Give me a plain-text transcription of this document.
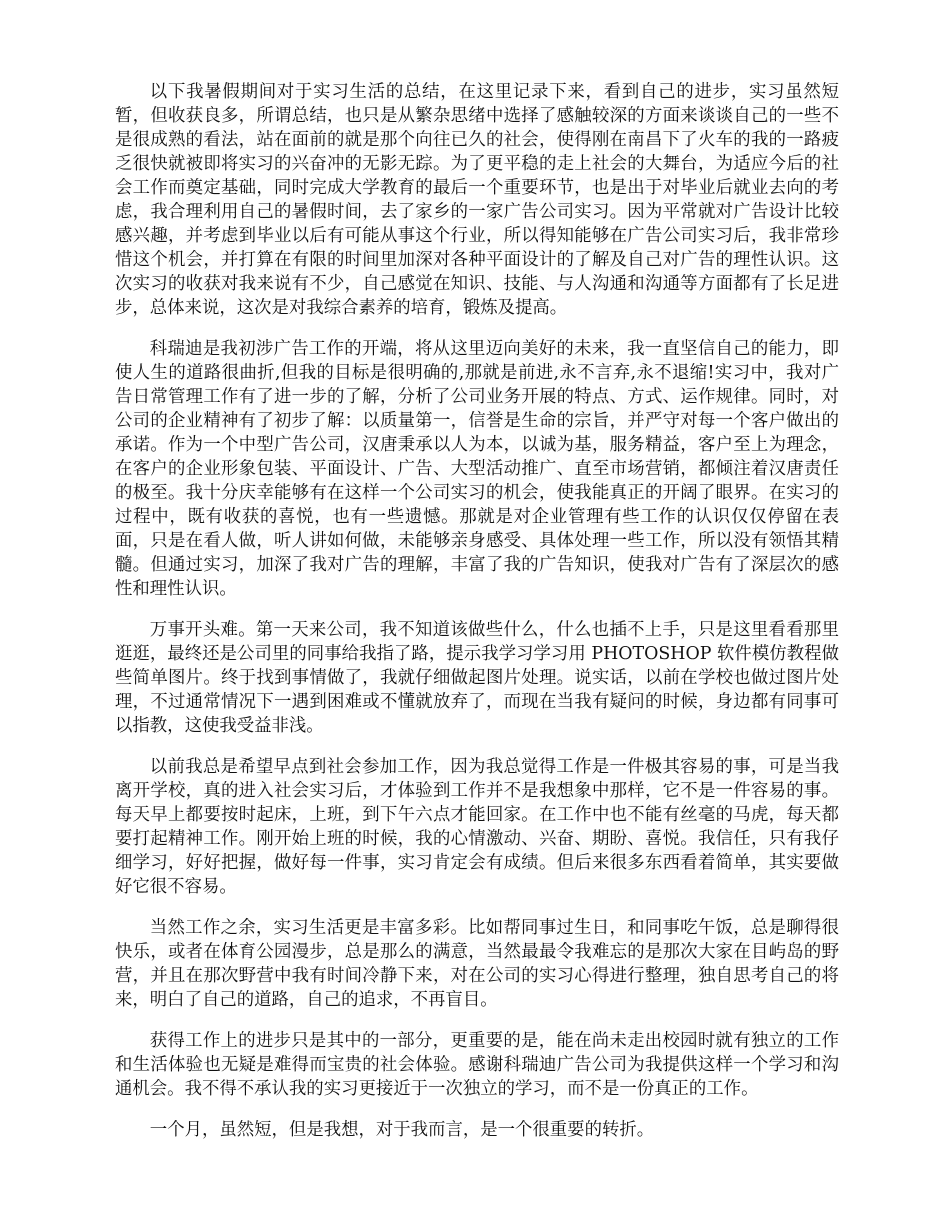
以下我暑假期间对于实习生活的总结，在这里记录下来，看到自己的进步，实习虽然短暂，但收获良多，所谓总结，也只是从繁杂思绪中选择了感触较深的方面来谈谈自己的一些不是很成熟的看法，站在面前的就是那个向往已久的社会，使得刚在南昌下了火车的我的一路疲乏很快就被即将实习的兴奋冲的无影无踪。为了更平稳的走上社会的大舞台，为适应今后的社会工作而奠定基础，同时完成大学教育的最后一个重要环节，也是出于对毕业后就业去向的考虑，我合理利用自己的暑假时间，去了家乡的一家广告公司实习。因为平常就对广告设计比较感兴趣，并考虑到毕业以后有可能从事这个行业，所以得知能够在广告公司实习后，我非常珍惜这个机会，并打算在有限的时间里加深对各种平面设计的了解及自己对广告的理性认识。这次实习的收获对我来说有不少，自己感觉在知识、技能、与人沟通和沟通等方面都有了长足进步，总体来说，这次是对我综合素养的培育，锻炼及提高。

科瑞迪是我初涉广告工作的开端，将从这里迈向美好的未来，我一直坚信自己的能力，即使人生的道路很曲折,但我的目标是很明确的,那就是前进,永不言弃,永不退缩!实习中，我对广告日常管理工作有了进一步的了解，分析了公司业务开展的特点、方式、运作规律。同时，对公司的企业精神有了初步了解：以质量第一，信誉是生命的宗旨，并严守对每一个客户做出的承诺。作为一个中型广告公司，汉唐秉承以人为本，以诚为基，服务精益，客户至上为理念，在客户的企业形象包装、平面设计、广告、大型活动推广、直至市场营销，都倾注着汉唐责任的极至。我十分庆幸能够有在这样一个公司实习的机会，使我能真正的开阔了眼界。在实习的过程中，既有收获的喜悦，也有一些遗憾。那就是对企业管理有些工作的认识仅仅停留在表面，只是在看人做，听人讲如何做，未能够亲身感受、具体处理一些工作，所以没有领悟其精髓。但通过实习，加深了我对广告的理解，丰富了我的广告知识，使我对广告有了深层次的感性和理性认识。

万事开头难。第一天来公司，我不知道该做些什么，什么也插不上手，只是这里看看那里逛逛，最终还是公司里的同事给我指了路，提示我学习学习用 PHOTOSHOP 软件模仿教程做些简单图片。终于找到事情做了，我就仔细做起图片处理。说实话，以前在学校也做过图片处理，不过通常情况下一遇到困难或不懂就放弃了，而现在当我有疑问的时候，身边都有同事可以指教，这使我受益非浅。

以前我总是希望早点到社会参加工作，因为我总觉得工作是一件极其容易的事，可是当我离开学校，真的进入社会实习后，才体验到工作并不是我想象中那样，它不是一件容易的事。每天早上都要按时起床，上班，到下午六点才能回家。在工作中也不能有丝毫的马虎，每天都要打起精神工作。刚开始上班的时候，我的心情激动、兴奋、期盼、喜悦。我信任，只有我仔细学习，好好把握，做好每一件事，实习肯定会有成绩。但后来很多东西看着简单，其实要做好它很不容易。

当然工作之余，实习生活更是丰富多彩。比如帮同事过生日，和同事吃午饭，总是聊得很快乐，或者在体育公园漫步，总是那么的满意，当然最最令我难忘的是那次大家在目屿岛的野营，并且在那次野营中我有时间冷静下来，对在公司的实习心得进行整理，独自思考自己的将来，明白了自己的道路，自己的追求，不再盲目。

获得工作上的进步只是其中的一部分，更重要的是，能在尚未走出校园时就有独立的工作和生活体验也无疑是难得而宝贵的社会体验。感谢科瑞迪广告公司为我提供这样一个学习和沟通机会。我不得不承认我的实习更接近于一次独立的学习，而不是一份真正的工作。

一个月，虽然短，但是我想，对于我而言，是一个很重要的转折。
